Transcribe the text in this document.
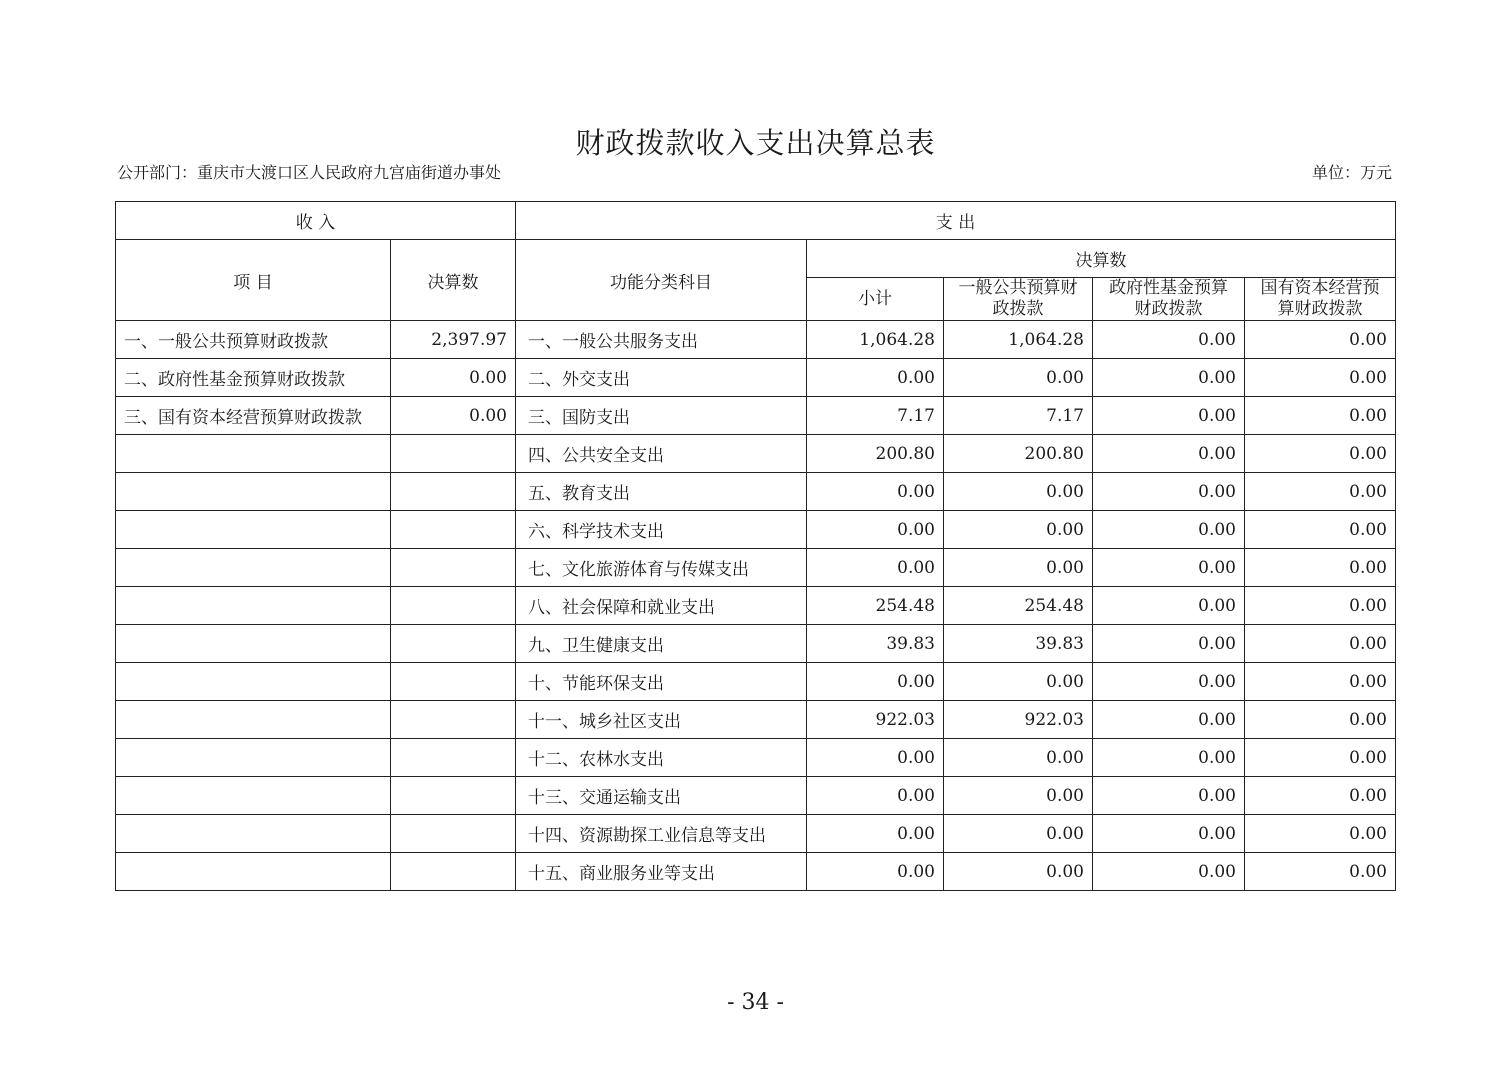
财政拨款收入支出决算总表
公开部门：重庆市大渡口区人民政府九宫庙街道办事处	单位：万元
收 入		支 出				
项 目	决算数	功能分类科目	决算数			
			小计	一般公共预算财政拨款	政府性基金预算财政拨款	国有资本经营预算财政拨款
一、一般公共预算财政拨款	2,397.97	一、一般公共服务支出	1,064.28	1,064.28	0.00	0.00
二、政府性基金预算财政拨款	0.00	二、外交支出	0.00	0.00	0.00	0.00
三、国有资本经营预算财政拨款	0.00	三、国防支出	7.17	7.17	0.00	0.00
		四、公共安全支出	200.80	200.80	0.00	0.00
		五、教育支出	0.00	0.00	0.00	0.00
		六、科学技术支出	0.00	0.00	0.00	0.00
		七、文化旅游体育与传媒支出	0.00	0.00	0.00	0.00
		八、社会保障和就业支出	254.48	254.48	0.00	0.00
		九、卫生健康支出	39.83	39.83	0.00	0.00
		十、节能环保支出	0.00	0.00	0.00	0.00
		十一、城乡社区支出	922.03	922.03	0.00	0.00
		十二、农林水支出	0.00	0.00	0.00	0.00
		十三、交通运输支出	0.00	0.00	0.00	0.00
		十四、资源勘探工业信息等支出	0.00	0.00	0.00	0.00
		十五、商业服务业等支出	0.00	0.00	0.00	0.00
- 34 -
